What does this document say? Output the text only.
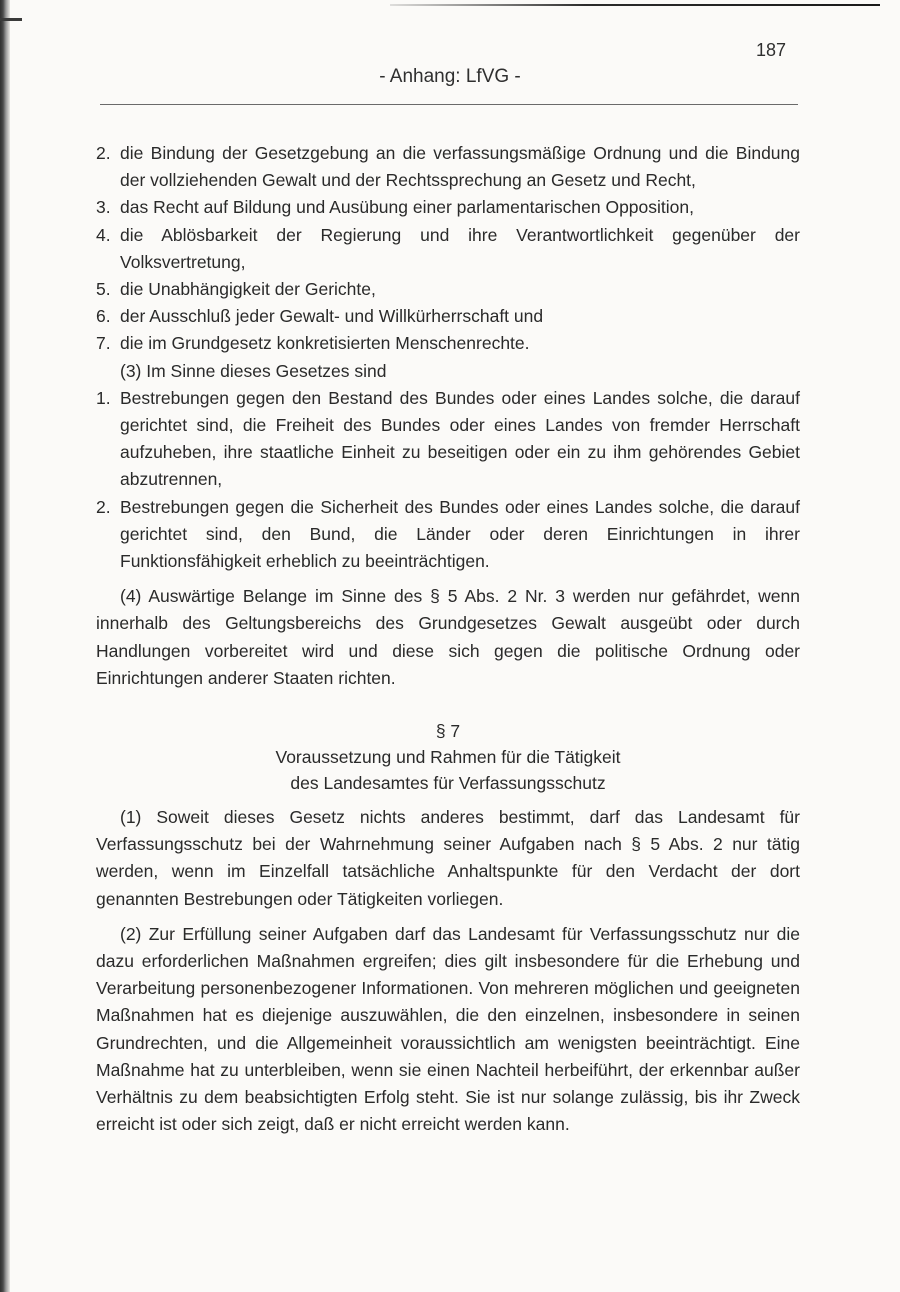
187
- Anhang: LfVG -
2. die Bindung der Gesetzgebung an die verfassungsmäßige Ordnung und die Bindung der vollziehenden Gewalt und der Rechtssprechung an Gesetz und Recht,
3. das Recht auf Bildung und Ausübung einer parlamentarischen Opposition,
4. die Ablösbarkeit der Regierung und ihre Verantwortlichkeit gegenüber der Volksvertretung,
5. die Unabhängigkeit der Gerichte,
6. der Ausschluß jeder Gewalt- und Willkürherrschaft und
7. die im Grundgesetz konkretisierten Menschenrechte.

(3) Im Sinne dieses Gesetzes sind

1. Bestrebungen gegen den Bestand des Bundes oder eines Landes solche, die darauf gerichtet sind, die Freiheit des Bundes oder eines Landes von fremder Herrschaft aufzuheben, ihre staatliche Einheit zu beseitigen oder ein zu ihm gehörendes Gebiet abzutrennen,
2. Bestrebungen gegen die Sicherheit des Bundes oder eines Landes solche, die darauf gerichtet sind, den Bund, die Länder oder deren Einrichtungen in ihrer Funktionsfähigkeit erheblich zu beeinträchtigen.

(4) Auswärtige Belange im Sinne des § 5 Abs. 2 Nr. 3 werden nur gefährdet, wenn innerhalb des Geltungsbereichs des Grundgesetzes Gewalt ausgeübt oder durch Handlungen vorbereitet wird und diese sich gegen die politische Ordnung oder Einrichtungen anderer Staaten richten.

§ 7
Voraussetzung und Rahmen für die Tätigkeit
des Landesamtes für Verfassungsschutz

(1) Soweit dieses Gesetz nichts anderes bestimmt, darf das Landesamt für Verfassungsschutz bei der Wahrnehmung seiner Aufgaben nach § 5 Abs. 2 nur tätig werden, wenn im Einzelfall tatsächliche Anhaltspunkte für den Verdacht der dort genannten Bestrebungen oder Tätigkeiten vorliegen.

(2) Zur Erfüllung seiner Aufgaben darf das Landesamt für Verfassungsschutz nur die dazu erforderlichen Maßnahmen ergreifen; dies gilt insbesondere für die Erhebung und Verarbeitung personenbezogener Informationen. Von mehreren möglichen und geeigneten Maßnahmen hat es diejenige auszuwählen, die den einzelnen, insbesondere in seinen Grundrechten, und die Allgemeinheit voraussichtlich am wenigsten beeinträchtigt. Eine Maßnahme hat zu unterbleiben, wenn sie einen Nachteil herbeiführt, der erkennbar außer Verhältnis zu dem beabsichtigten Erfolg steht. Sie ist nur solange zulässig, bis ihr Zweck erreicht ist oder sich zeigt, daß er nicht erreicht werden kann.
